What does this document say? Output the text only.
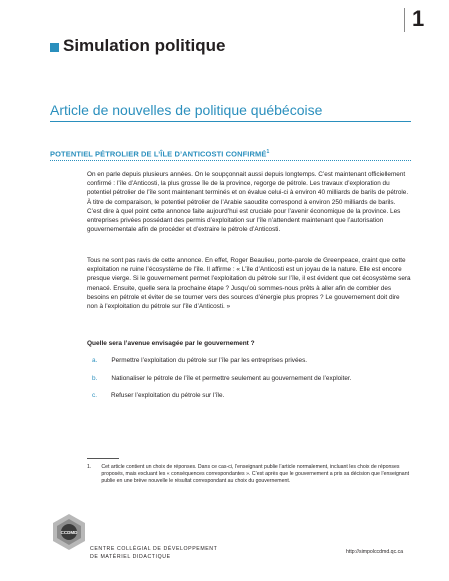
1
Simulation politique
Article de nouvelles de politique québécoise
POTENTIEL PÉTROLIER DE L’ÎLE D’ANTICOSTI CONFIRMÉ$^1$
On en parle depuis plusieurs années. On le soupçonnait aussi depuis longtemps. C’est maintenant officiellement confirmé : l’île d’Anticosti, la plus grosse île de la province, regorge de pétrole. Les travaux d’exploration du potentiel pétrolier de l’île sont maintenant terminés et on évalue celui-ci à environ 40 milliards de barils de pétrole. À titre de comparaison, le potentiel pétrolier de l’Arabie saoudite correspond à environ 250 milliards de barils. C’est dire à quel point cette annonce faite aujourd’hui est cruciale pour l’avenir économique de la province. Les entreprises privées possédant des permis d’exploitation sur l’île n’attendent maintenant que l’autorisation gouvernementale afin de procéder et d’extraire le pétrole d’Anticosti.
Tous ne sont pas ravis de cette annonce. En effet, Roger Beaulieu, porte-parole de Greenpeace, craint que cette exploitation ne ruine l’écosystème de l’île. Il affirme : « L’île d’Anticosti est un joyau de la nature. Elle est encore presque vierge. Si le gouvernement permet l’exploitation du pétrole sur l’île, il est évident que cet écosystème sera menacé. Ensuite, quelle sera la prochaine étape ? Jusqu’où sommes-nous prêts à aller afin de combler des besoins en pétrole et éviter de se tourner vers des sources d’énergie plus propres ? Le gouvernement doit dire non à l’exploitation du pétrole sur l’île d’Anticosti. »
Quelle sera l’avenue envisagée par le gouvernement ?
a. Permettre l’exploitation du pétrole sur l’île par les entreprises privées.
b. Nationaliser le pétrole de l’île et permettre seulement au gouvernement de l’exploiter.
c. Refuser l’exploitation du pétrole sur l’île.
1. Cet article contient un choix de réponses. Dans ce cas-ci, l’enseignant publie l’article normalement, incluant les choix de réponses proposés, mais excluant les « conséquences correspondantes ». C’est après que le gouvernement a pris sa décision que l’enseignant publie en une brève nouvelle le résultat correspondant au choix du gouvernement.
CCDMD
CENTRE COLLÉGIAL DE DÉVELOPPEMENT
DE MATÉRIEL DIDACTIQUE
http://simpolccdmd.qc.ca
